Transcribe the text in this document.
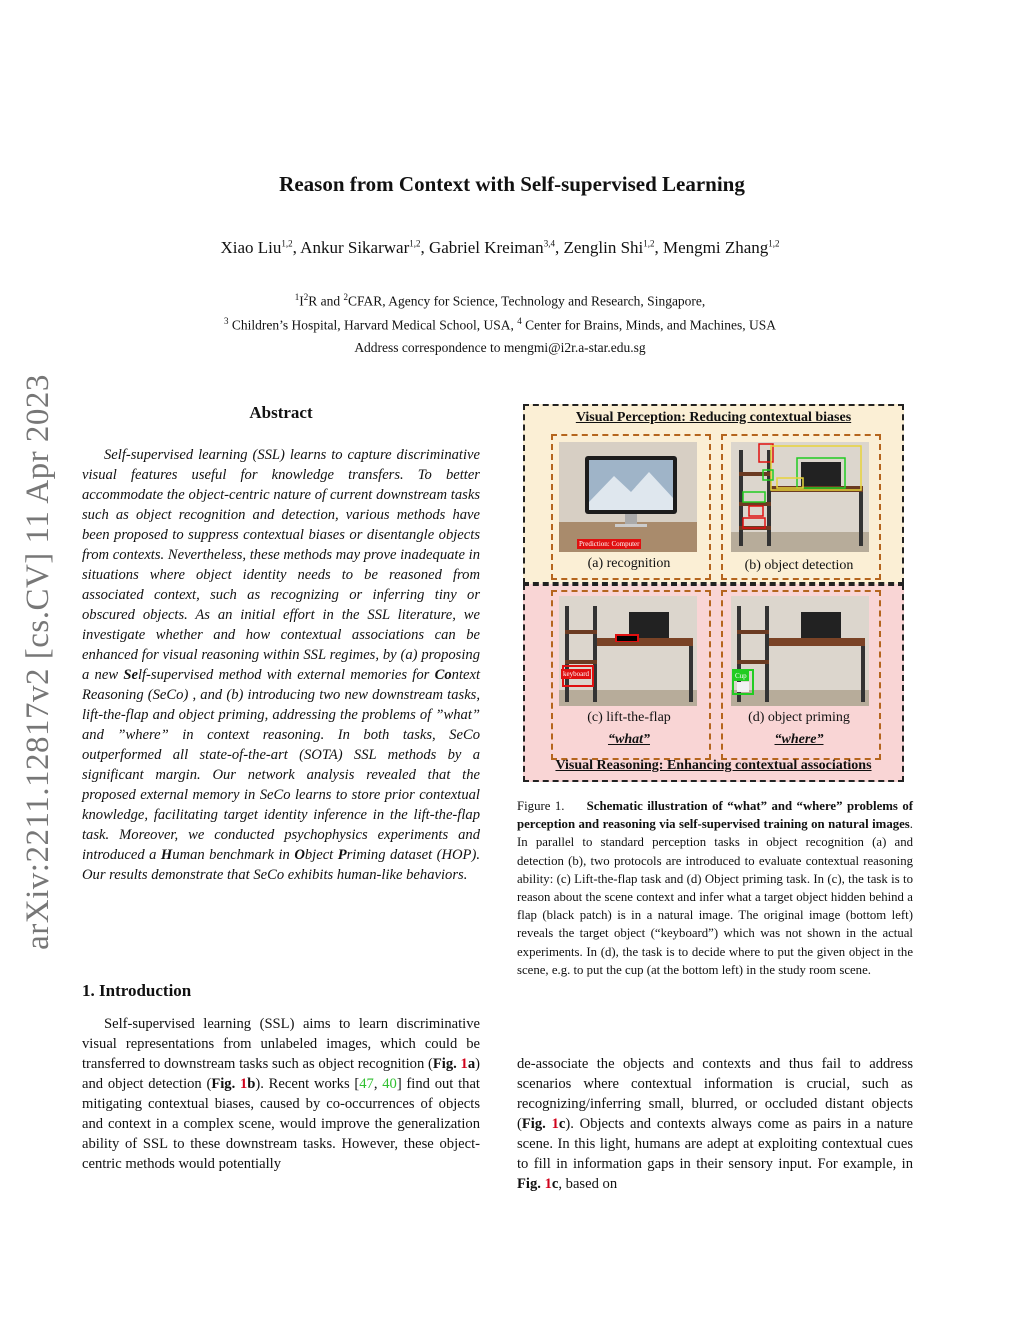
arXiv:2211.12817v2 [cs.CV] 11 Apr 2023
Reason from Context with Self-supervised Learning
Xiao Liu$^{1,2}$, Ankur Sikarwar$^{1,2}$, Gabriel Kreiman$^{3,4}$, Zenglin Shi$^{1,2}$, Mengmi Zhang$^{1,2}$
$^1I^2R$ and $^2$CFAR, Agency for Science, Technology and Research, Singapore,
$^3$ Children’s Hospital, Harvard Medical School, USA, $^4$ Center for Brains, Minds, and Machines, USA
Address correspondence to mengmi@i2r.a-star.edu.sg
Abstract

Self-supervised learning (SSL) learns to capture discriminative visual features useful for knowledge transfers. To better accommodate the object-centric nature of current downstream tasks such as object recognition and detection, various methods have been proposed to suppress contextual biases or disentangle objects from contexts. Nevertheless, these methods may prove inadequate in situations where object identity needs to be reasoned from associated context, such as recognizing or inferring tiny or obscured objects. As an initial effort in the SSL literature, we investigate whether and how contextual associations can be enhanced for visual reasoning within SSL regimes, by (a) proposing a new Self-supervised method with external memories for Context Reasoning (SeCo) , and (b) introducing two new downstream tasks, lift-the-flap and object priming, addressing the problems of ”what” and ”where” in context reasoning. In both tasks, SeCo outperformed all state-of-the-art (SOTA) SSL methods by a significant margin. Our network analysis revealed that the proposed external memory in SeCo learns to store prior contextual knowledge, facilitating target identity inference in the lift-the-flap task. Moreover, we conducted psychophysics experiments and introduced a Human benchmark in Object Priming dataset (HOP). Our results demonstrate that SeCo exhibits human-like behaviors.

1. Introduction

Self-supervised learning (SSL) aims to learn discriminative visual representations from unlabeled images, which could be transferred to downstream tasks such as object recognition (Fig. 1a) and object detection (Fig. 1b). Recent works [47, 40] find out that mitigating contextual biases, caused by co-occurrences of objects and context in a complex scene, would improve the generalization ability of SSL to these downstream tasks. However, these object-centric methods would potentially

Visual Perception: Reducing contextual biases
Prediction: Computer
(a) recognition	(b) object detection
keyboard
(c) lift-the-flap
“what”
Cup
(d) object priming
“where”
Visual Reasoning: Enhancing contextual associations

Figure 1. Schematic illustration of “what” and “where” problems of perception and reasoning via self-supervised training on natural images. In parallel to standard perception tasks in object recognition (a) and detection (b), two protocols are introduced to evaluate contextual reasoning ability: (c) Lift-the-flap task and (d) Object priming task. In (c), the task is to reason about the scene context and infer what a target object hidden behind a flap (black patch) is in a natural image. The original image (bottom left) reveals the target object (“keyboard”) which was not shown in the actual experiments. In (d), the task is to decide where to put the given object in the scene, e.g. to put the cup (at the bottom left) in the study room scene.

de-associate the objects and contexts and thus fail to address scenarios where contextual information is crucial, such as recognizing/inferring small, blurred, or occluded distant objects (Fig. 1c). Objects and contexts always come as pairs in a nature scene. In this light, humans are adept at exploiting contextual cues to fill in information gaps in their sensory input. For example, in Fig. 1c, based on
